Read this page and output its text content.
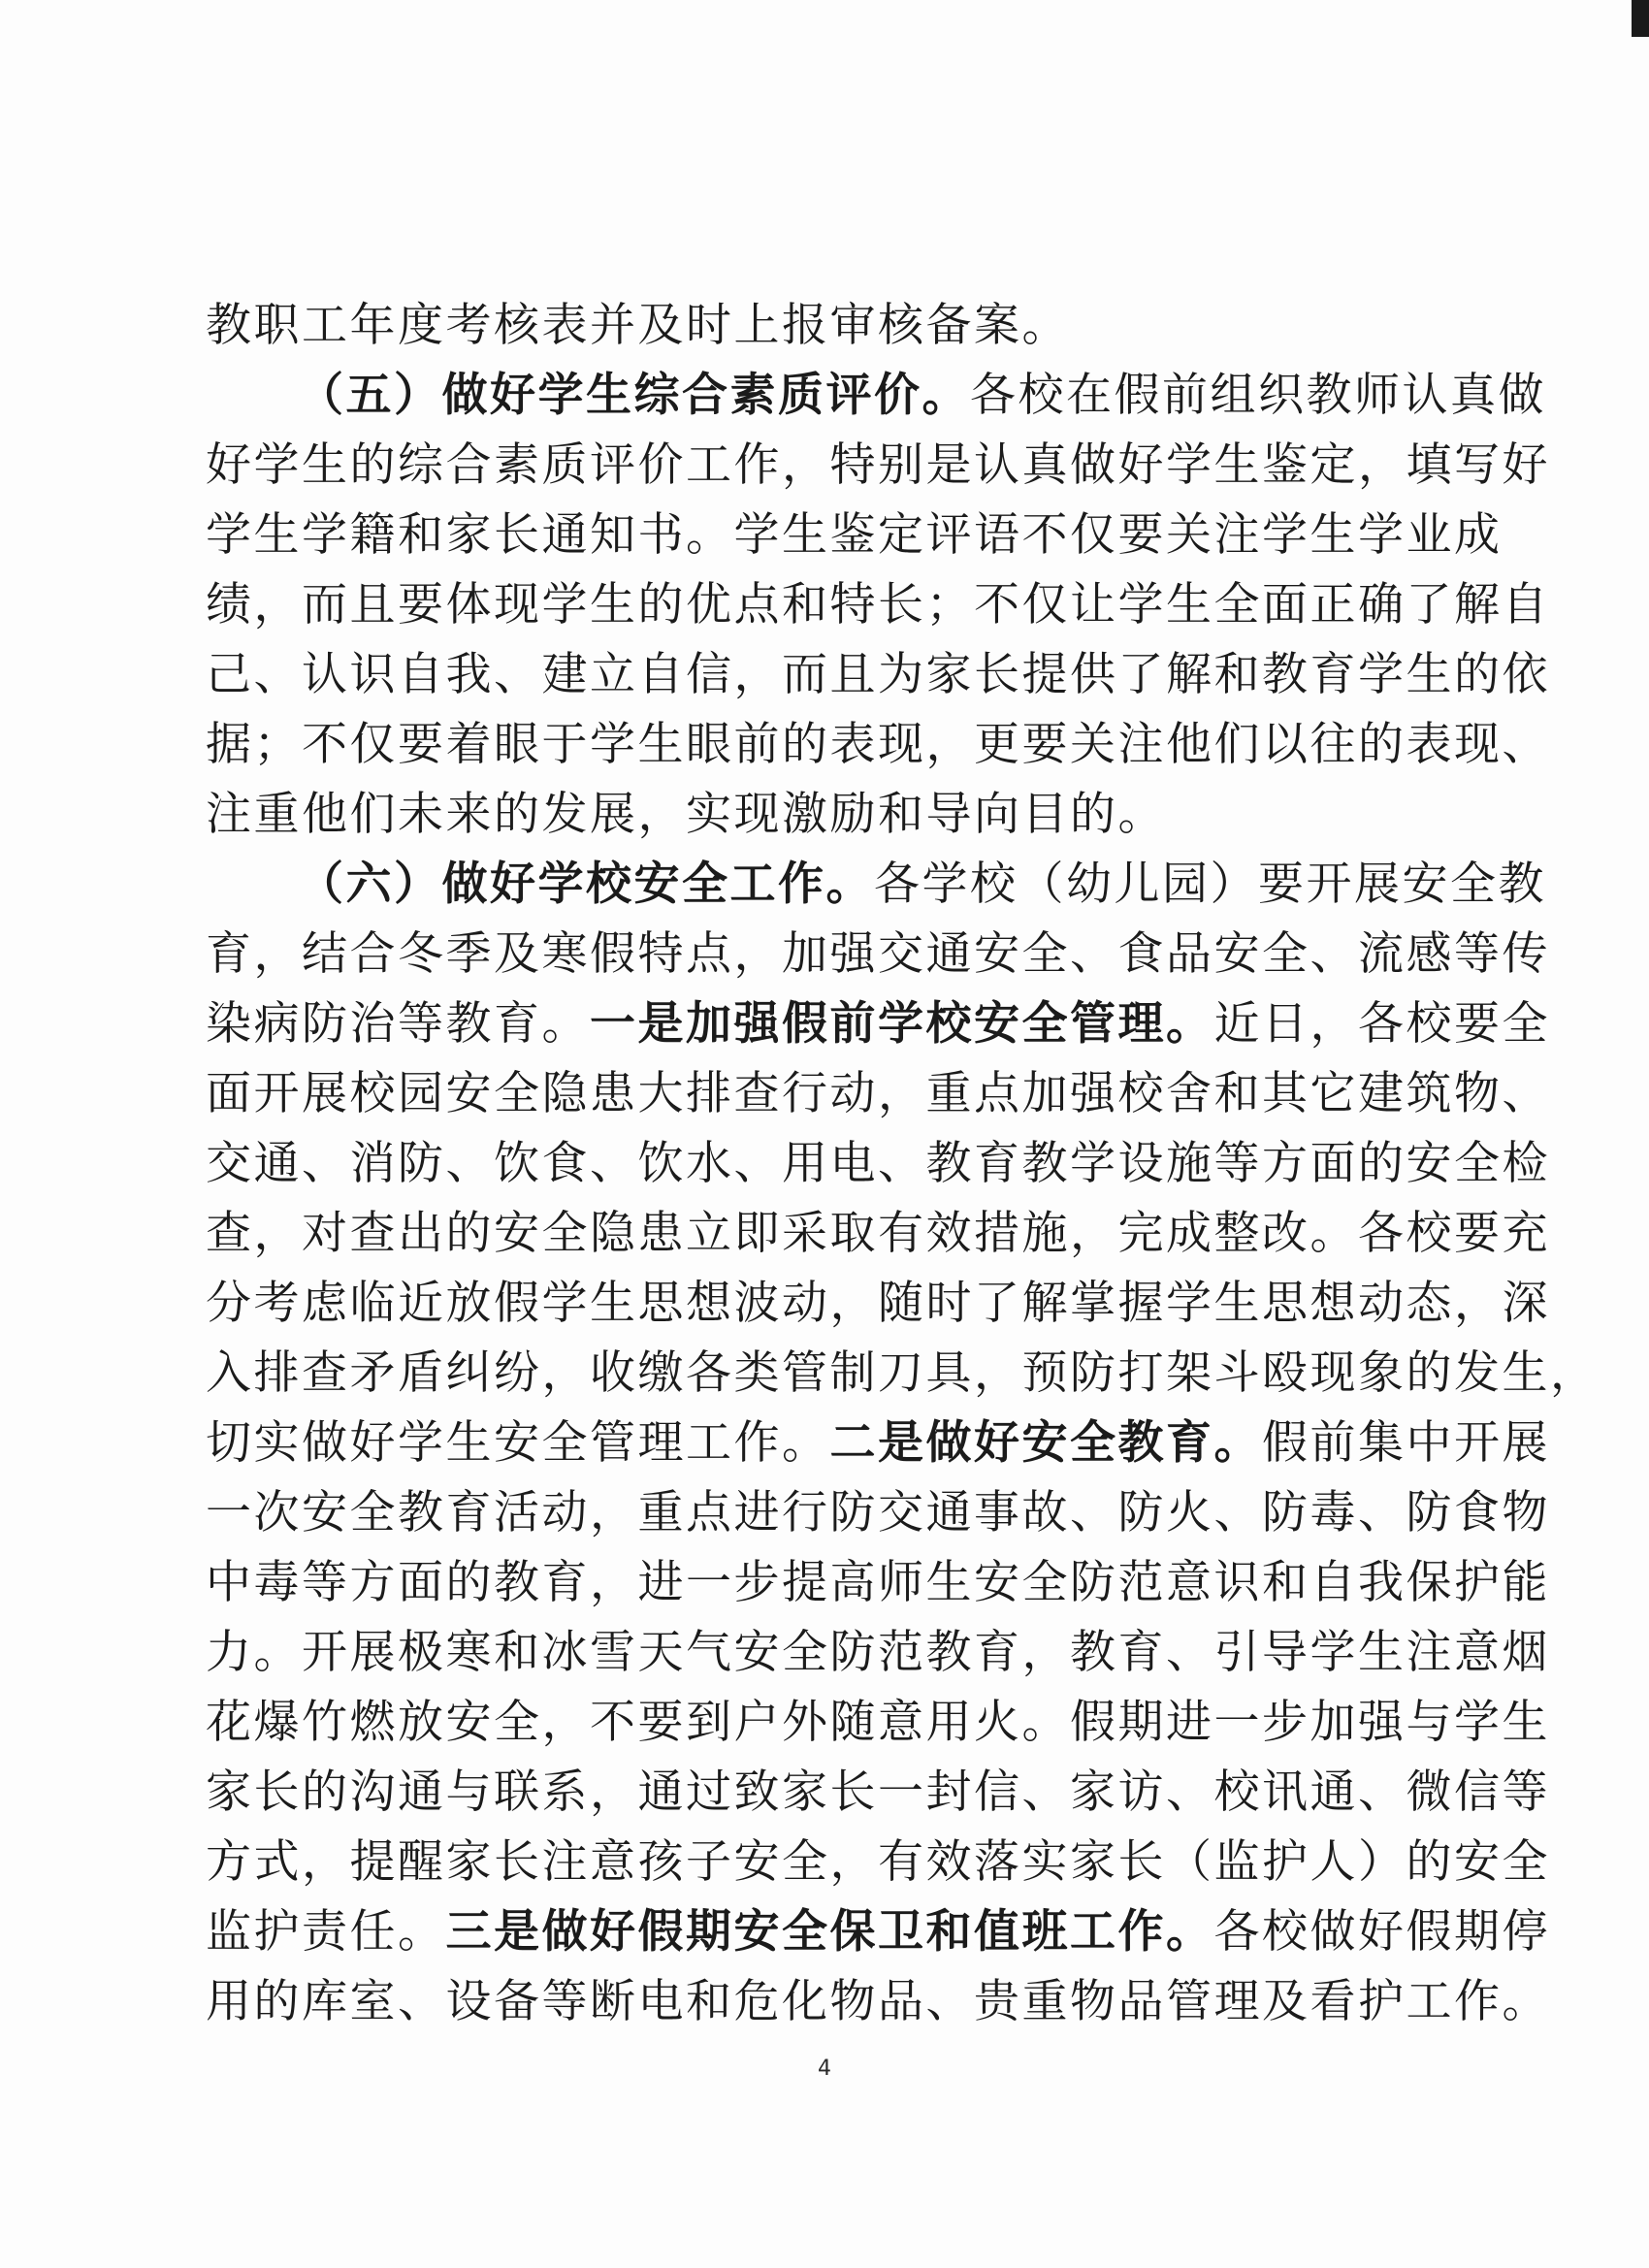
教职工年度考核表并及时上报审核备案。
（五）做好学生综合素质评价。各校在假前组织教师认真做
好学生的综合素质评价工作，特别是认真做好学生鉴定，填写好
学生学籍和家长通知书。学生鉴定评语不仅要关注学生学业成
绩，而且要体现学生的优点和特长；不仅让学生全面正确了解自
己、认识自我、建立自信，而且为家长提供了解和教育学生的依
据；不仅要着眼于学生眼前的表现，更要关注他们以往的表现、
注重他们未来的发展，实现激励和导向目的。
（六）做好学校安全工作。各学校（幼儿园）要开展安全教
育，结合冬季及寒假特点，加强交通安全、食品安全、流感等传
染病防治等教育。一是加强假前学校安全管理。近日，各校要全
面开展校园安全隐患大排查行动，重点加强校舍和其它建筑物、
交通、消防、饮食、饮水、用电、教育教学设施等方面的安全检
查，对查出的安全隐患立即采取有效措施，完成整改。各校要充
分考虑临近放假学生思想波动，随时了解掌握学生思想动态，深
入排查矛盾纠纷，收缴各类管制刀具，预防打架斗殴现象的发生，
切实做好学生安全管理工作。二是做好安全教育。假前集中开展
一次安全教育活动，重点进行防交通事故、防火、防毒、防食物
中毒等方面的教育，进一步提高师生安全防范意识和自我保护能
力。开展极寒和冰雪天气安全防范教育，教育、引导学生注意烟
花爆竹燃放安全，不要到户外随意用火。假期进一步加强与学生
家长的沟通与联系，通过致家长一封信、家访、校讯通、微信等
方式，提醒家长注意孩子安全，有效落实家长（监护人）的安全
监护责任。三是做好假期安全保卫和值班工作。各校做好假期停
用的库室、设备等断电和危化物品、贵重物品管理及看护工作。
4
